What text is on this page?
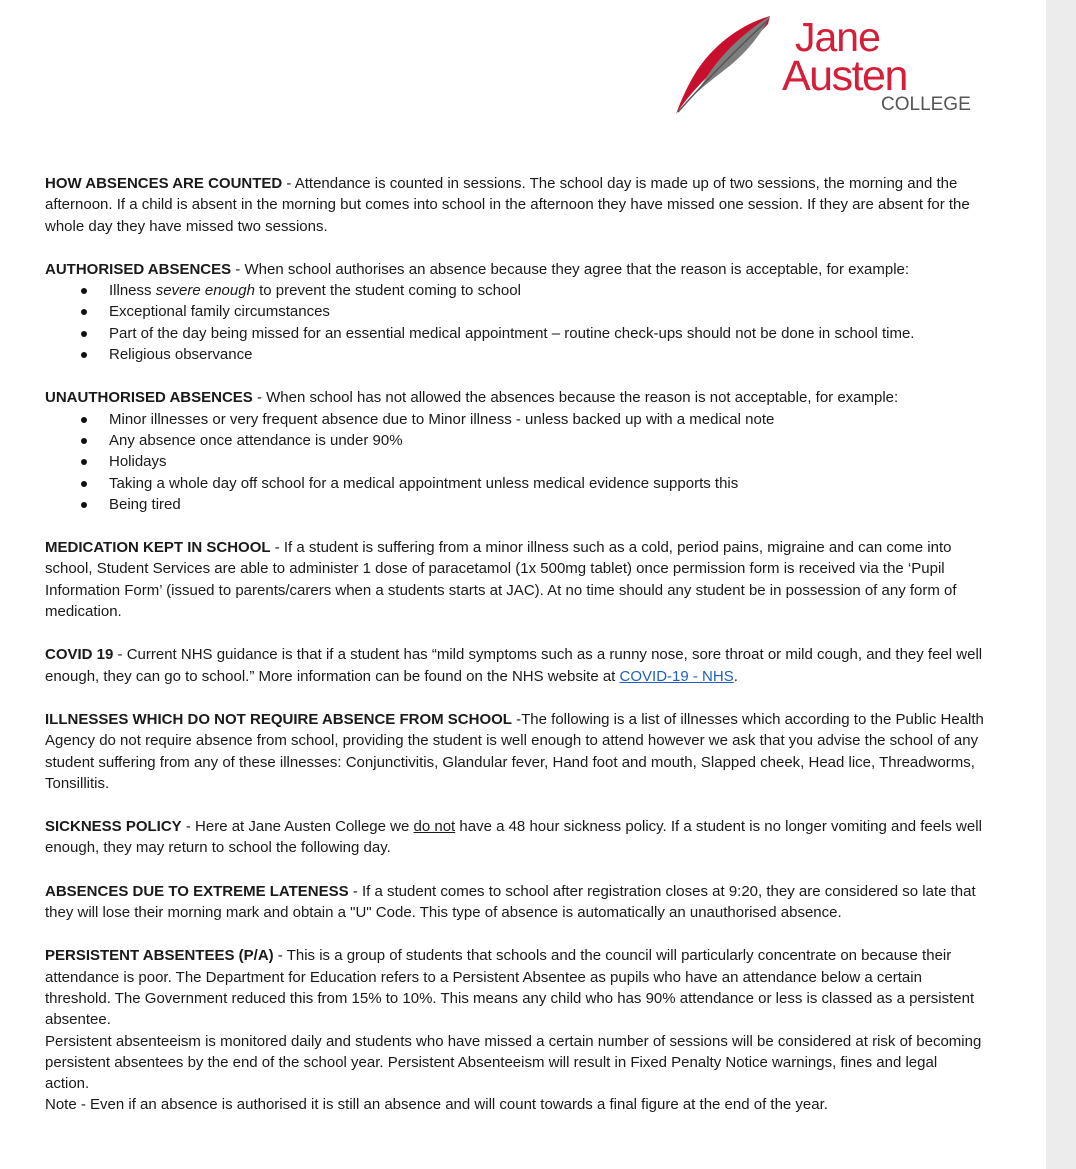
Jane
Austen
COLLEGE

HOW ABSENCES ARE COUNTED - Attendance is counted in sessions. The school day is made up of two sessions, the morning and the afternoon. If a child is absent in the morning but comes into school in the afternoon they have missed one session. If they are absent for the whole day they have missed two sessions.

AUTHORISED ABSENCES - When school authorises an absence because they agree that the reason is acceptable, for example:

Illness severe enough to prevent the student coming to school
Exceptional family circumstances
Part of the day being missed for an essential medical appointment – routine check-ups should not be done in school time.
Religious observance

UNAUTHORISED ABSENCES - When school has not allowed the absences because the reason is not acceptable, for example:

Minor illnesses or very frequent absence due to Minor illness - unless backed up with a medical note
Any absence once attendance is under 90%
Holidays
Taking a whole day off school for a medical appointment unless medical evidence supports this
Being tired

MEDICATION KEPT IN SCHOOL - If a student is suffering from a minor illness such as a cold, period pains, migraine and can come into school, Student Services are able to administer 1 dose of paracetamol (1x 500mg tablet) once permission form is received via the ‘Pupil Information Form’ (issued to parents/carers when a students starts at JAC). At no time should any student be in possession of any form of medication.

COVID 19 - Current NHS guidance is that if a student has “mild symptoms such as a runny nose, sore throat or mild cough, and they feel well enough, they can go to school.” More information can be found on the NHS website at COVID-19 - NHS.

ILLNESSES WHICH DO NOT REQUIRE ABSENCE FROM SCHOOL -The following is a list of illnesses which according to the Public Health Agency do not require absence from school, providing the student is well enough to attend however we ask that you advise the school of any student suffering from any of these illnesses: Conjunctivitis, Glandular fever, Hand foot and mouth, Slapped cheek, Head lice, Threadworms, Tonsillitis.

SICKNESS POLICY - Here at Jane Austen College we do not have a 48 hour sickness policy. If a student is no longer vomiting and feels well enough, they may return to school the following day.

ABSENCES DUE TO EXTREME LATENESS - If a student comes to school after registration closes at 9:20, they are considered so late that they will lose their morning mark and obtain a "U" Code. This type of absence is automatically an unauthorised absence.

PERSISTENT ABSENTEES (P/A) - This is a group of students that schools and the council will particularly concentrate on because their attendance is poor. The Department for Education refers to a Persistent Absentee as pupils who have an attendance below a certain threshold. The Government reduced this from 15% to 10%. This means any child who has 90% attendance or less is classed as a persistent absentee.

Persistent absenteeism is monitored daily and students who have missed a certain number of sessions will be considered at risk of becoming persistent absentees by the end of the school year. Persistent Absenteeism will result in Fixed Penalty Notice warnings, fines and legal action.

Note - Even if an absence is authorised it is still an absence and will count towards a final figure at the end of the year.
